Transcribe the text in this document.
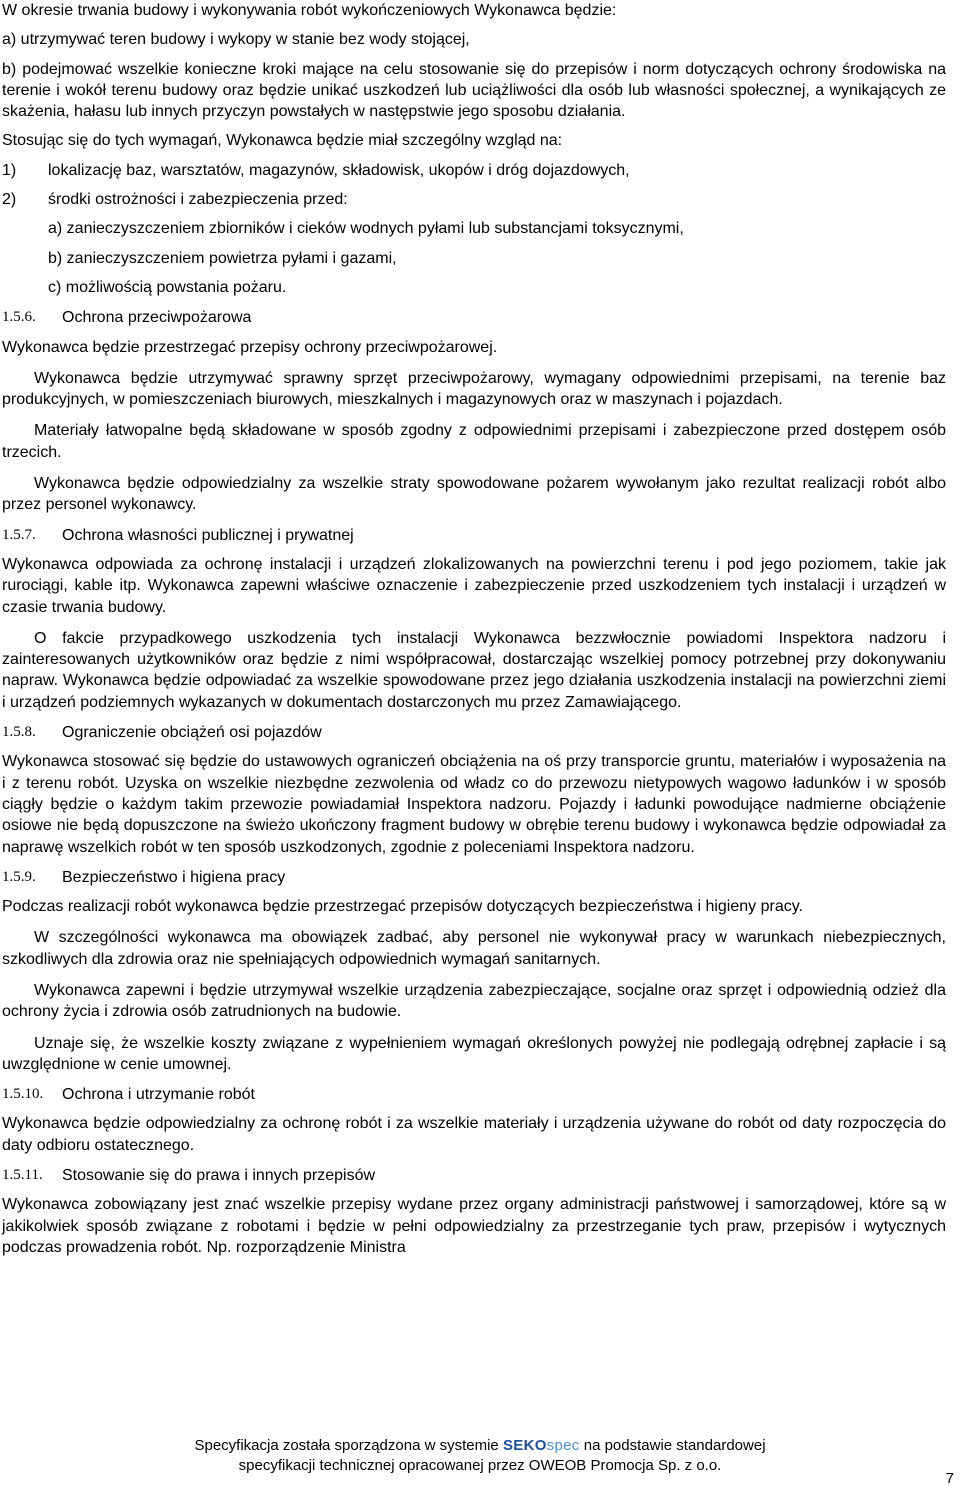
W okresie trwania budowy i wykonywania robót wykończeniowych Wykonawca będzie:

a) utrzymywać teren budowy i wykopy w stanie bez wody stojącej,

b) podejmować wszelkie konieczne kroki mające na celu stosowanie się do przepisów i norm dotyczących ochrony środowiska na terenie i wokół terenu budowy oraz będzie unikać uszkodzeń lub uciążliwości dla osób lub własności społecznej, a wynikających ze skażenia, hałasu lub innych przyczyn powstałych w następstwie jego sposobu działania.

Stosując się do tych wymagań, Wykonawca będzie miał szczególny wzgląd na:

1)	lokalizację baz, warsztatów, magazynów, składowisk, ukopów i dróg dojazdowych,
2)	środki ostrożności i zabezpieczenia przed:

a) zanieczyszczeniem zbiorników i cieków wodnych pyłami lub substancjami toksycznymi,

b) zanieczyszczeniem powietrza pyłami i gazami,

c) możliwością powstania pożaru.

1.5.6.	Ochrona przeciwpożarowa

Wykonawca będzie przestrzegać przepisy ochrony przeciwpożarowej.

Wykonawca będzie utrzymywać sprawny sprzęt przeciwpożarowy, wymagany odpowiednimi przepisami, na terenie baz produkcyjnych, w pomieszczeniach biurowych, mieszkalnych i magazynowych oraz w maszynach i pojazdach.

Materiały łatwopalne będą składowane w sposób zgodny z odpowiednimi przepisami i zabezpieczone przed dostępem osób trzecich.

Wykonawca będzie odpowiedzialny za wszelkie straty spowodowane pożarem wywołanym jako rezultat realizacji robót albo przez personel wykonawcy.

1.5.7.	Ochrona własności publicznej i prywatnej

Wykonawca odpowiada za ochronę instalacji i urządzeń zlokalizowanych na powierzchni terenu i pod jego poziomem, takie jak rurociągi, kable itp. Wykonawca zapewni właściwe oznaczenie i zabezpieczenie przed uszkodzeniem tych instalacji i urządzeń w czasie trwania budowy.

O fakcie przypadkowego uszkodzenia tych instalacji Wykonawca bezzwłocznie powiadomi Inspektora nadzoru i zainteresowanych użytkowników oraz będzie z nimi współpracował, dostarczając wszelkiej pomocy potrzebnej przy dokonywaniu napraw. Wykonawca będzie odpowiadać za wszelkie spowodowane przez jego działania uszkodzenia instalacji na powierzchni ziemi i urządzeń podziemnych wykazanych w dokumentach dostarczonych mu przez Zamawiającego.

1.5.8.	Ograniczenie obciążeń osi pojazdów

Wykonawca stosować się będzie do ustawowych ograniczeń obciążenia na oś przy transporcie gruntu, materiałów i wyposażenia na i z terenu robót. Uzyska on wszelkie niezbędne zezwolenia od władz co do przewozu nietypowych wagowo ładunków i w sposób ciągły będzie o każdym takim przewozie powiadamiał Inspektora nadzoru. Pojazdy i ładunki powodujące nadmierne obciążenie osiowe nie będą dopuszczone na świeżo ukończony fragment budowy w obrębie terenu budowy i wykonawca będzie odpowiadał za naprawę wszelkich robót w ten sposób uszkodzonych, zgodnie z poleceniami Inspektora nadzoru.

1.5.9.	Bezpieczeństwo i higiena pracy

Podczas realizacji robót wykonawca będzie przestrzegać przepisów dotyczących bezpieczeństwa i higieny pracy.

W szczególności wykonawca ma obowiązek zadbać, aby personel nie wykonywał pracy w warunkach niebezpiecznych, szkodliwych dla zdrowia oraz nie spełniających odpowiednich wymagań sanitarnych.

Wykonawca zapewni i będzie utrzymywał wszelkie urządzenia zabezpieczające, socjalne oraz sprzęt i odpowiednią odzież dla ochrony życia i zdrowia osób zatrudnionych na budowie.

Uznaje się, że wszelkie koszty związane z wypełnieniem wymagań określonych powyżej nie podlegają odrębnej zapłacie i są uwzględnione w cenie umownej.

1.5.10.	Ochrona i utrzymanie robót

Wykonawca będzie odpowiedzialny za ochronę robót i za wszelkie materiały i urządzenia używane do robót od daty rozpoczęcia do daty odbioru ostatecznego.

1.5.11.	Stosowanie się do prawa i innych przepisów

Wykonawca zobowiązany jest znać wszelkie przepisy wydane przez organy administracji państwowej i samorządowej, które są w jakikolwiek sposób związane z robotami i będzie w pełni odpowiedzialny za przestrzeganie tych praw, przepisów i wytycznych podczas prowadzenia robót. Np. rozporządzenie Ministra

Specyfikacja została sporządzona w systemie SEKOspec na podstawie standardowej
specyfikacji technicznej opracowanej przez OWEOB Promocja Sp. z o.o.
7
